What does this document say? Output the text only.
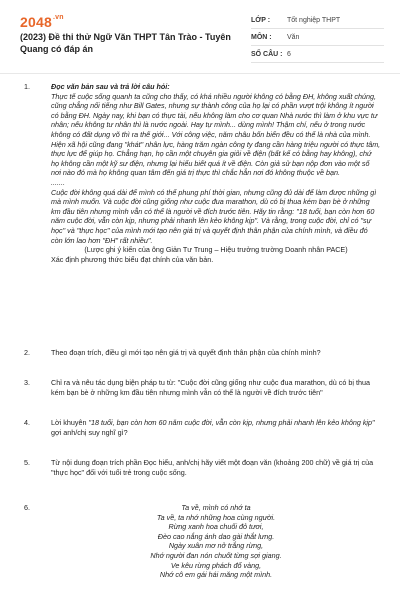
$2048^{.vn}$
(2023) Đề thi thử Ngữ Văn THPT Tân Trào - Tuyên Quang có đáp án
LỚP :	Tốt nghiệp THPT
MÔN :	Văn
SỐ CÂU : 6
1.	Đọc văn bản sau và trả lời câu hỏi:

Thực tế cuộc sống quanh ta cũng cho thấy, có khá nhiều người không có bằng ĐH, không xuất chúng, cũng chẳng nổi tiếng như Bill Gates, nhưng sự thành công của họ lại có phần vượt trội không ít người có bằng ĐH. Ngày nay, khi bạn có thực tài, nếu không làm cho cơ quan Nhà nước thì làm ở khu vực tư nhân; nếu không tư nhân thì là nước ngoài. Hay tự mình... dùng mình! Thậm chí, nếu ở trong nước không có đất dụng võ thì ra thế giới... Với công việc, năm châu bốn biển đều có thể là nhà của mình.

Hiện xã hội cũng đang "khát" nhân lực, hàng trăm ngàn công ty đang cần hàng triệu người có thực tâm, thực lực để giúp họ. Chẳng hạn, họ cần một chuyên gia giỏi về điện (bất kể có bằng hay không), chứ họ không cần một kỹ sư điện, nhưng lại hiểu biết quá ít về điện. Còn giả sử bạn nộp đơn vào một số nơi nào đó mà họ không quan tâm đến giá trị thực thì chắc hẳn nơi đó không thuộc về bạn.

.......

Cuộc đời không quá dài để mình có thể phung phí thời gian, nhưng cũng đủ dài để làm được những gì mà mình muốn. Và cuộc đời cũng giống như cuộc đua marathon, dù có bị thua kém bạn bè ở những km đầu tiên nhưng mình vẫn có thể là người về đích trước tiên. Hãy tin rằng: "18 tuổi, bạn còn hơn 60 năm cuộc đời, vẫn còn kịp, nhưng phải nhanh lên kẻo không kịp". Và rằng, trong cuộc đời, chỉ có "sự học" và "thực học" của mình mới tạo nên giá trị và quyết định thân phận của chính mình, và điều đó còn lớn lao hơn "ĐH" rất nhiều".

(Lược ghi ý kiến của ông Giản Tư Trung – Hiệu trưởng trường Doanh nhân PACE)

Xác định phương thức biểu đạt chính của văn bản.

2.	Theo đoạn trích, điều gì mới tạo nên giá trị và quyết định thân phận của chính mình?
3.	Chỉ ra và nêu tác dụng biện pháp tu từ: "Cuộc đời cũng giống như cuộc đua marathon, dù có bị thua kém bạn bè ở những km đầu tiên nhưng mình vẫn có thể là người về đích trước tiên"
4.	Lời khuyên "18 tuổi, bạn còn hơn 60 năm cuộc đời, vẫn còn kịp, nhưng phải nhanh lên kẻo không kịp" gợi anh/chị suy nghĩ gì?
5.	Từ nội dung đoạn trích phần Đọc hiểu, anh/chị hãy viết một đoạn văn (khoảng 200 chữ) về giá trị của "thực học" đối với tuổi trẻ trong cuộc sống.
6.	Ta về, mình có nhớ ta

Ta về, ta nhớ những hoa cùng người.

Rừng xanh hoa chuối đỏ tươi,

Đèo cao nắng ánh dao gài thắt lưng.

Ngày xuân mơ nở trắng rừng,

Nhớ người đan nón chuốt từng sợi giang.

Ve kêu rừng phách đổ vàng,

Nhớ cô em gái hái măng một mình.
